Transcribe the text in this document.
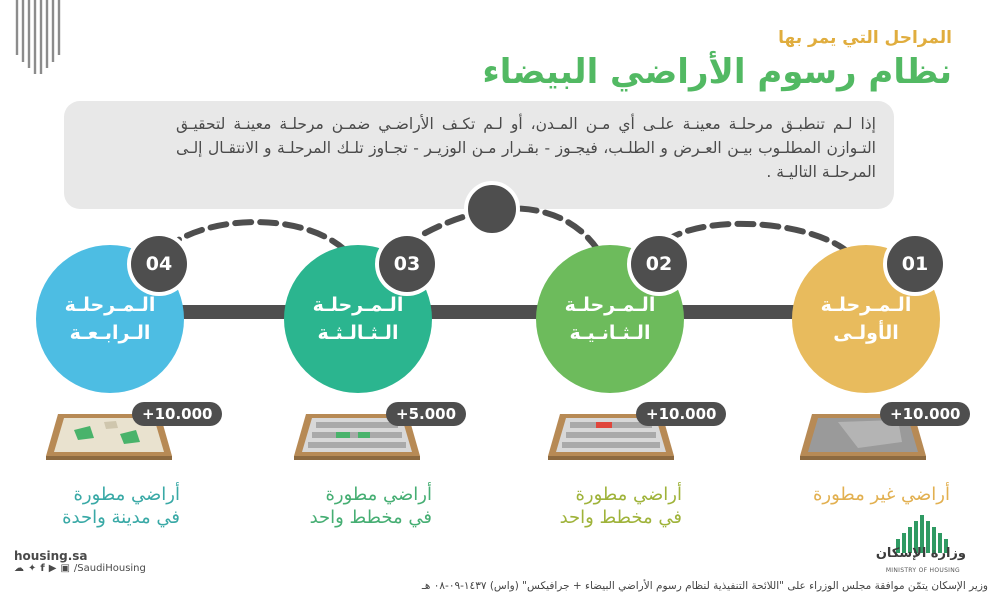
المراحل التي يمر بها
نظام رسوم الأراضي البيضاء
إذا لـم تنطبـق مرحلـة معينـة علـى أي مـن المـدن، أو لـم تكـف الأراضـي ضمـن مرحلـة معينـة لتحقيـق التـوازن المطلـوب بيـن العـرض و الطلـب، فيجـوز - بقـرار مـن الوزيـر - تجـاوز تلـك المرحلـة و الانتقـال إلـى المرحلـة التاليـة .
الـمـرحلـة
الـرابـعـة
04
الـمـرحلـة
الـثـالـثـة
03
الـمـرحلـة
الـثـانـيـة
02
الـمـرحلـة
الأولـى
01
+10.000	+5.000	+10.000	+10.000
أراضي مطورة
في مدينة واحدة
أراضي مطورة
في مخطط واحد
أراضي مطورة
في مخطط واحد
أراضي غير مطورة
وزارة الإسكان
MINISTRY OF HOUSING
housing.sa
☁ ✦ f ▶ ▣ /SaudiHousing
وزير الإسكان يتمّن موافقة مجلس الوزراء على "اللائحة التنفيذية لنظام رسوم الأراضي البيضاء + جرافيكس" (واس) ١٤٣٧-٠٩-٠٨ هـ
